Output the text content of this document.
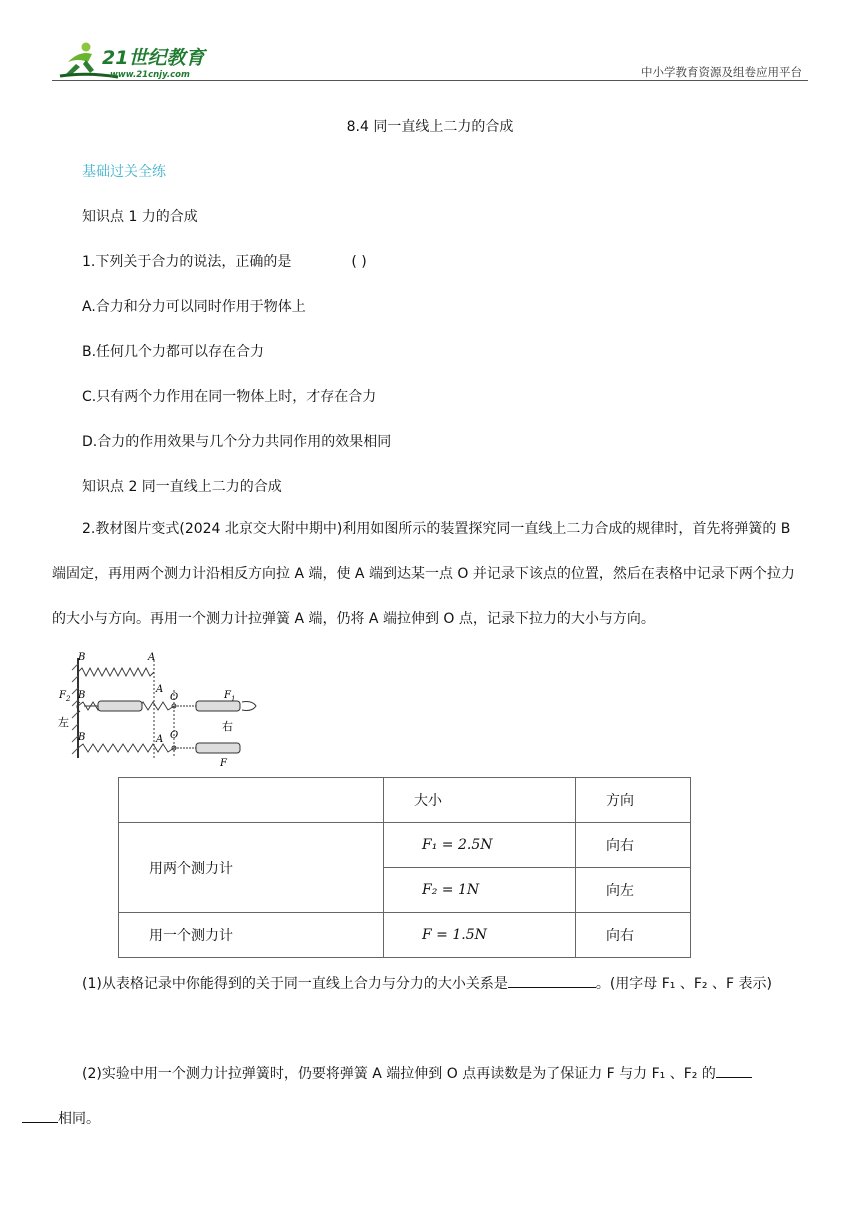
21世纪教育
www.21cnjy.com	中小学教育资源及组卷应用平台
8.4 同一直线上二力的合成
基础过关全练
知识点 1 力的合成
1.下列关于合力的说法，正确的是	( )
A.合力和分力可以同时作用于物体上
B.任何几个力都可以存在合力
C.只有两个力作用在同一物体上时，才存在合力
D.合力的作用效果与几个分力共同作用的效果相同
知识点 2 同一直线上二力的合成
2.教材图片变式(2024 北京交大附中期中)利用如图所示的装置探究同一直线上二力合成的规律时，首先将弹簧的 B 端固定，再用两个测力计沿相反方向拉 A 端，使 A 端到达某一点 O 并记录下该点的位置，然后在表格中记录下两个拉力的大小与方向。再用一个测力计拉弹簧 A 端，仍将 A 端拉伸到 O 点，记录下拉力的大小与方向。
B	A
A
O
F 2 B	F 1
左	右
B	A O
F
	大小	方向
用两个测力计	F₁ = 2.5N	向右
	F₂ = 1N	向左
用一个测力计	F = 1.5N	向右
(1)从表格记录中你能得到的关于同一直线上合力与分力的大小关系是	。(用字母 F₁ 、F₂ 、F 表示)
(2)实验中用一个测力计拉弹簧时，仍要将弹簧 A 端拉伸到 O 点再读数是为了保证力 F 与力 F₁ 、F₂ 的
相同。
